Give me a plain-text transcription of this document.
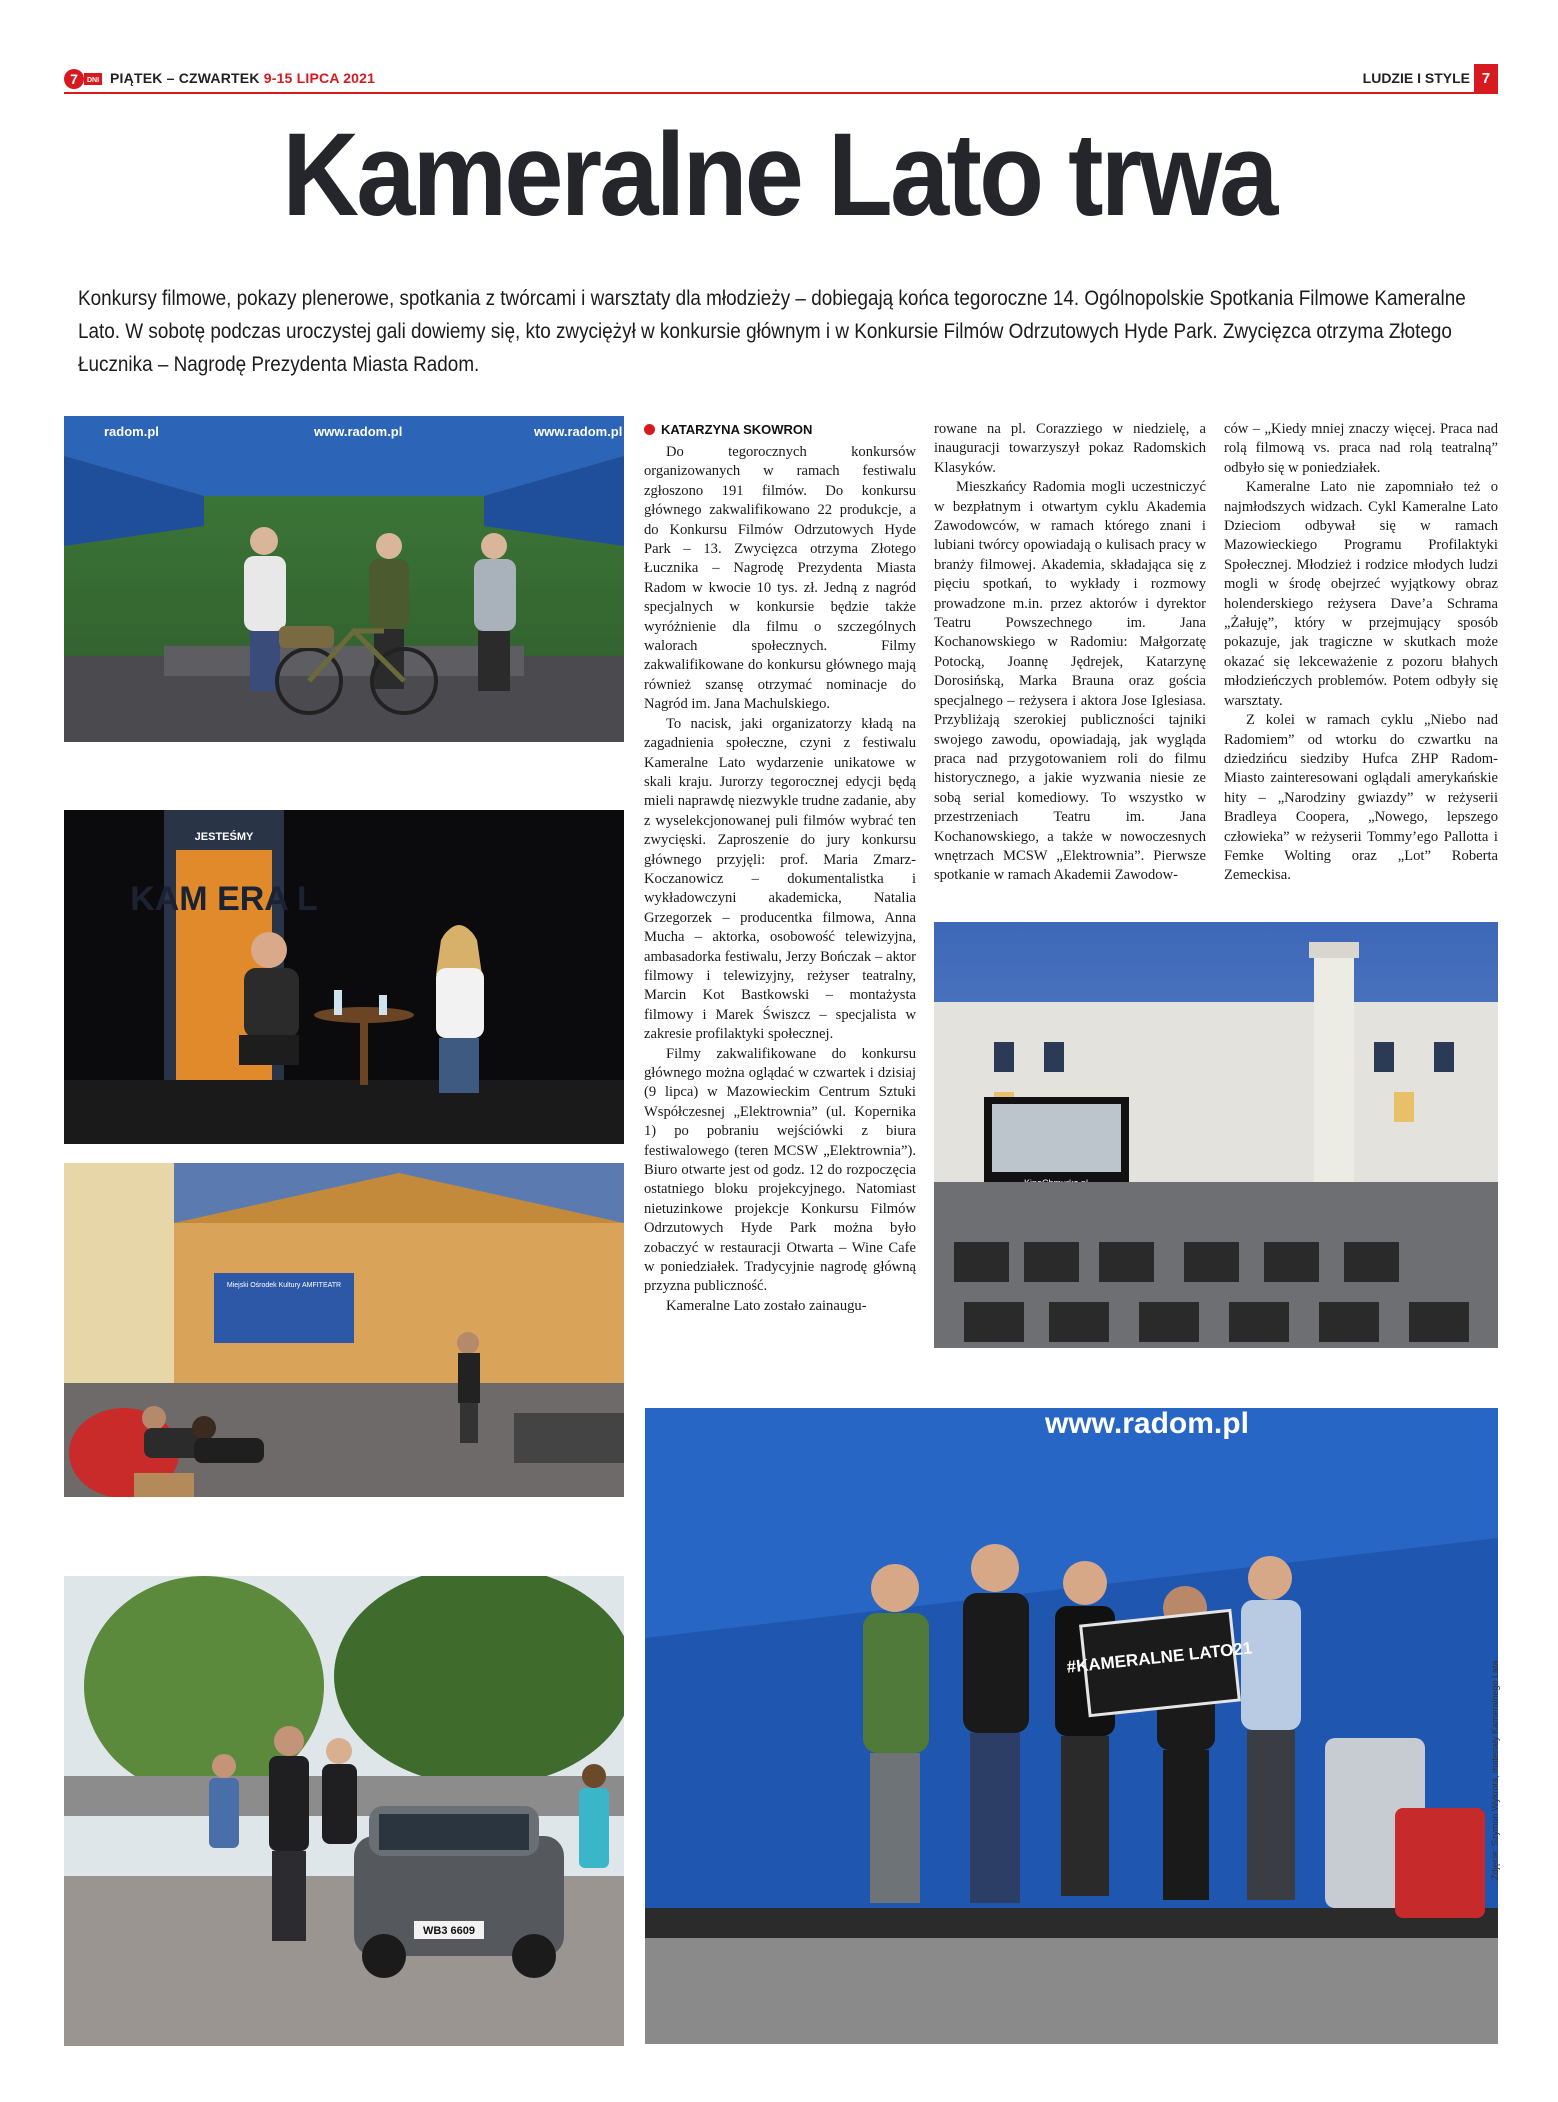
7 DNI PIĄTEK – CZWARTEK 9-15 LIPCA 2021	LUDZIE I STYLE 7
Kameralne Lato trwa
Konkursy filmowe, pokazy plenerowe, spotkania z twórcami i warsztaty dla młodzieży – dobiegają końca tegoroczne 14. Ogólnopolskie Spotkania Filmowe Kameralne Lato. W sobotę podczas uroczystej gali dowiemy się, kto zwyciężył w konkursie głównym i w Konkursie Filmów Odrzutowych Hyde Park. Zwycięzca otrzyma Złotego Łucznika – Nagrodę Prezydenta Miasta Radom.
radom.pl	www.radom.pl	www.radom.pl
JESTEŚMY
KAM ERA L
Miejski Ośrodek Kultury AMFITEATR
WB3 6609
www.radom.pl
#KAMERALNE LATO21
KATARZYNA SKOWRON

Do tegorocznych konkursów organizowanych w ramach festiwalu zgłoszono 191 filmów. Do konkursu głównego zakwalifikowano 22 produkcje, a do Konkursu Filmów Odrzutowych Hyde Park – 13. Zwycięzca otrzyma Złotego Łucznika – Nagrodę Prezydenta Miasta Radom w kwocie 10 tys. zł. Jedną z nagród specjalnych w konkursie będzie także wyróżnienie dla filmu o szczególnych walorach społecznych. Filmy zakwalifikowane do konkursu głównego mają również szansę otrzymać nominacje do Nagród im. Jana Machulskiego.

To nacisk, jaki organizatorzy kładą na zagadnienia społeczne, czyni z festiwalu Kameralne Lato wydarzenie unikatowe w skali kraju. Jurorzy tegorocznej edycji będą mieli naprawdę niezwykle trudne zadanie, aby z wyselekcjonowanej puli filmów wybrać ten zwycięski. Zaproszenie do jury konkursu głównego przyjęli: prof. Maria Zmarz-Koczanowicz – dokumentalistka i wykładowczyni akademicka, Natalia Grzegorzek – producentka filmowa, Anna Mucha – aktorka, osobowość telewizyjna, ambasadorka festiwalu, Jerzy Bończak – aktor filmowy i telewizyjny, reżyser teatralny, Marcin Kot Bastkowski – montażysta filmowy i Marek Świszcz – specjalista w zakresie profilaktyki społecznej.

Filmy zakwalifikowane do konkursu głównego można oglądać w czwartek i dzisiaj (9 lipca) w Mazowieckim Centrum Sztuki Współczesnej „Elektrownia” (ul. Kopernika 1) po pobraniu wejściówki z biura festiwalowego (teren MCSW „Elektrownia”). Biuro otwarte jest od godz. 12 do rozpoczęcia ostatniego bloku projekcyjnego. Natomiast nietuzinkowe projekcje Konkursu Filmów Odrzutowych Hyde Park można było zobaczyć w restauracji Otwarta – Wine Cafe w poniedziałek. Tradycyjnie nagrodę główną przyzna publiczność.

Kameralne Lato zostało zainaugu-

rowane na pl. Corazziego w niedzielę, a inauguracji towarzyszył pokaz Radomskich Klasyków.

Mieszkańcy Radomia mogli uczestniczyć w bezpłatnym i otwartym cyklu Akademia Zawodowców, w ramach którego znani i lubiani twórcy opowiadają o kulisach pracy w branży filmowej. Akademia, składająca się z pięciu spotkań, to wykłady i rozmowy prowadzone m.in. przez aktorów i dyrektor Teatru Powszechnego im. Jana Kochanowskiego w Radomiu: Małgorzatę Potocką, Joannę Jędrejek, Katarzynę Dorosińską, Marka Brauna oraz gościa specjalnego – reżysera i aktora Jose Iglesiasa. Przybliżają szerokiej publiczności tajniki swojego zawodu, opowiadają, jak wygląda praca nad przygotowaniem roli do filmu historycznego, a jakie wyzwania niesie ze sobą serial komediowy. To wszystko w przestrzeniach Teatru im. Jana Kochanowskiego, a także w nowoczesnych wnętrzach MCSW „Elektrownia”. Pierwsze spotkanie w ramach Akademii Zawodow-

ców – „Kiedy mniej znaczy więcej. Praca nad rolą filmową vs. praca nad rolą teatralną” odbyło się w poniedziałek.

Kameralne Lato nie zapomniało też o najmłodszych widzach. Cykl Kameralne Lato Dzieciom odbywał się w ramach Mazowieckiego Programu Profilaktyki Społecznej. Młodzież i rodzice młodych ludzi mogli w środę obejrzeć wyjątkowy obraz holenderskiego reżysera Dave’a Schrama „Żałuję”, który w przejmujący sposób pokazuje, jak tragiczne w skutkach może okazać się lekceważenie z pozoru błahych młodzieńczych problemów. Potem odbyły się warsztaty.

Z kolei w ramach cyklu „Niebo nad Radomiem” od wtorku do czwartku na dziedzińcu siedziby Hufca ZHP Radom-Miasto zainteresowani oglądali amerykańskie hity – „Narodziny gwiazdy” w reżyserii Bradleya Coopera, „Nowego, lepszego człowieka” w reżyserii Tommy’ego Pallotta i Femke Wolting oraz „Lot” Roberta Zemeckisa.

Zdjęcie: Szymon Wykrota, materiały Kameralnego Lata
